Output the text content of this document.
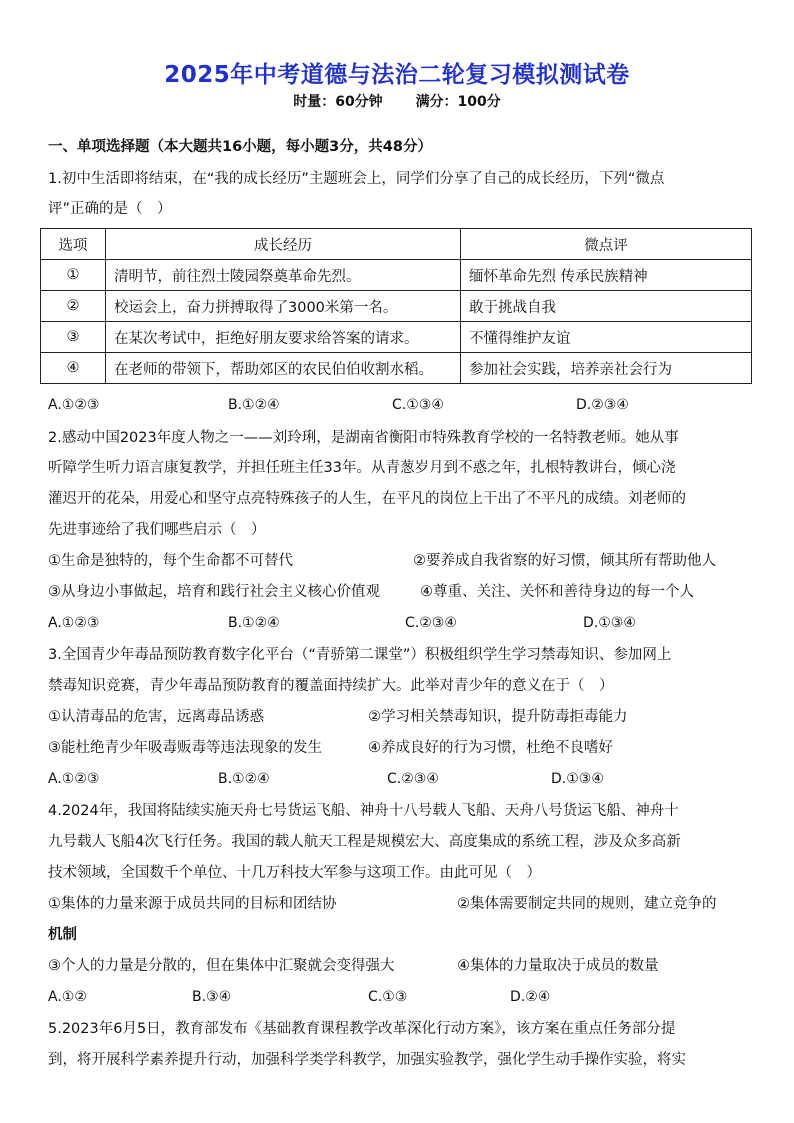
2025年中考道德与法治二轮复习模拟测试卷
时量：60分钟 满分：100分
一、单项选择题（本大题共16小题，每小题3分，共48分）
1.初中生活即将结束，在“我的成长经历”主题班会上，同学们分享了自己的成长经历，下列“微点
评”正确的是（　）
选项	成长经历	微点评
①	清明节，前往烈士陵园祭奠革命先烈。	缅怀革命先烈 传承民族精神
②	校运会上，奋力拼搏取得了3000米第一名。	敢于挑战自我
③	在某次考试中，拒绝好朋友要求给答案的请求。	不懂得维护友谊
④	在老师的带领下，帮助郊区的农民伯伯收割水稻。	参加社会实践，培养亲社会行为
A.①②③	B.①②④	C.①③④	D.②③④
2.感动中国2023年度人物之一——刘玲琍，是湖南省衡阳市特殊教育学校的一名特教老师。她从事
听障学生听力语言康复教学，并担任班主任33年。从青葱岁月到不惑之年，扎根特教讲台，倾心浇
灌迟开的花朵，用爱心和坚守点亮特殊孩子的人生，在平凡的岗位上干出了不平凡的成绩。刘老师的
先进事迹给了我们哪些启示（　）
①生命是独特的，每个生命都不可替代	②要养成自我省察的好习惯，倾其所有帮助他人
③从身边小事做起，培育和践行社会主义核心价值观	④尊重、关注、关怀和善待身边的每一个人
A.①②③	B.①②④	C.②③④	D.①③④
3.全国青少年毒品预防教育数字化平台（“青骄第二课堂”）积极组织学生学习禁毒知识、参加网上
禁毒知识竞赛，青少年毒品预防教育的覆盖面持续扩大。此举对青少年的意义在于（　）
①认清毒品的危害，远离毒品诱惑	②学习相关禁毒知识，提升防毒拒毒能力
③能杜绝青少年吸毒贩毒等违法现象的发生	④养成良好的行为习惯，杜绝不良嗜好
A.①②③	B.①②④	C.②③④	D.①③④
4.2024年，我国将陆续实施天舟七号货运飞船、神舟十八号载人飞船、天舟八号货运飞船、神舟十
九号载人飞船4次飞行任务。我国的载人航天工程是规模宏大、高度集成的系统工程，涉及众多高新
技术领域，全国数千个单位、十几万科技大军参与这项工作。由此可见（　）
①集体的力量来源于成员共同的目标和团结协	②集体需要制定共同的规则，建立竞争的
机制
③个人的力量是分散的，但在集体中汇聚就会变得强大	④集体的力量取决于成员的数量
A.①②	B.③④	C.①③	D.②④
5.2023年6月5日，教育部发布《基础教育课程教学改革深化行动方案》，该方案在重点任务部分提
到，将开展科学素养提升行动，加强科学类学科教学，加强实验教学，强化学生动手操作实验，将实
